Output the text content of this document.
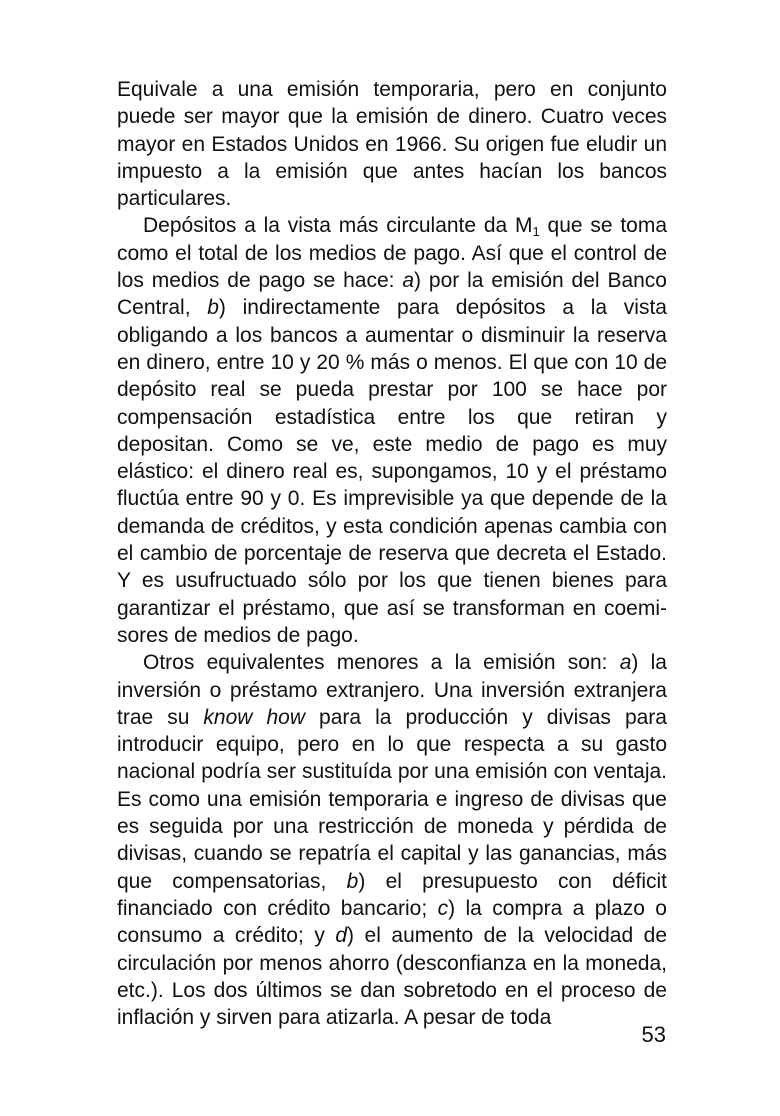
Equivale a una emisión temporaria, pero en conjunto puede ser mayor que la emisión de dinero. Cuatro veces mayor en Estados Unidos en 1966. Su origen fue eludir un impuesto a la emisión que antes hacían los bancos particulares.

Depósitos a la vista más circulante da $M_1$ que se toma como el total de los medios de pago. Así que el control de los medios de pago se hace: a) por la emisión del Banco Central, b) indirectamente para depósitos a la vista obligando a los bancos a aumentar o disminuir la reserva en dinero, entre 10 y 20 % más o menos. El que con 10 de depósito real se pueda prestar por 100 se hace por compensación estadística entre los que retiran y depositan. Como se ve, este medio de pago es muy elástico: el dinero real es, supongamos, 10 y el préstamo fluctúa entre 90 y 0. Es imprevisible ya que depende de la demanda de créditos, y esta condición apenas cambia con el cambio de porcentaje de reserva que decreta el Estado. Y es usufructuado sólo por los que tienen bienes para garantizar el préstamo, que así se transforman en coemisores de medios de pago.

Otros equivalentes menores a la emisión son: a) la inversión o préstamo extranjero. Una inversión extranjera trae su know how para la producción y divisas para introducir equipo, pero en lo que respecta a su gasto nacional podría ser sustituída por una emisión con ventaja. Es como una emisión temporaria e ingreso de divisas que es seguida por una restricción de moneda y pérdida de divisas, cuando se repatría el capital y las ganancias, más que compensatorias, b) el presupuesto con déficit financiado con crédito bancario; c) la compra a plazo o consumo a crédito; y d) el aumento de la velocidad de circulación por menos ahorro (desconfianza en la moneda, etc.). Los dos últimos se dan sobretodo en el proceso de inflación y sirven para atizarla. A pesar de toda

53
